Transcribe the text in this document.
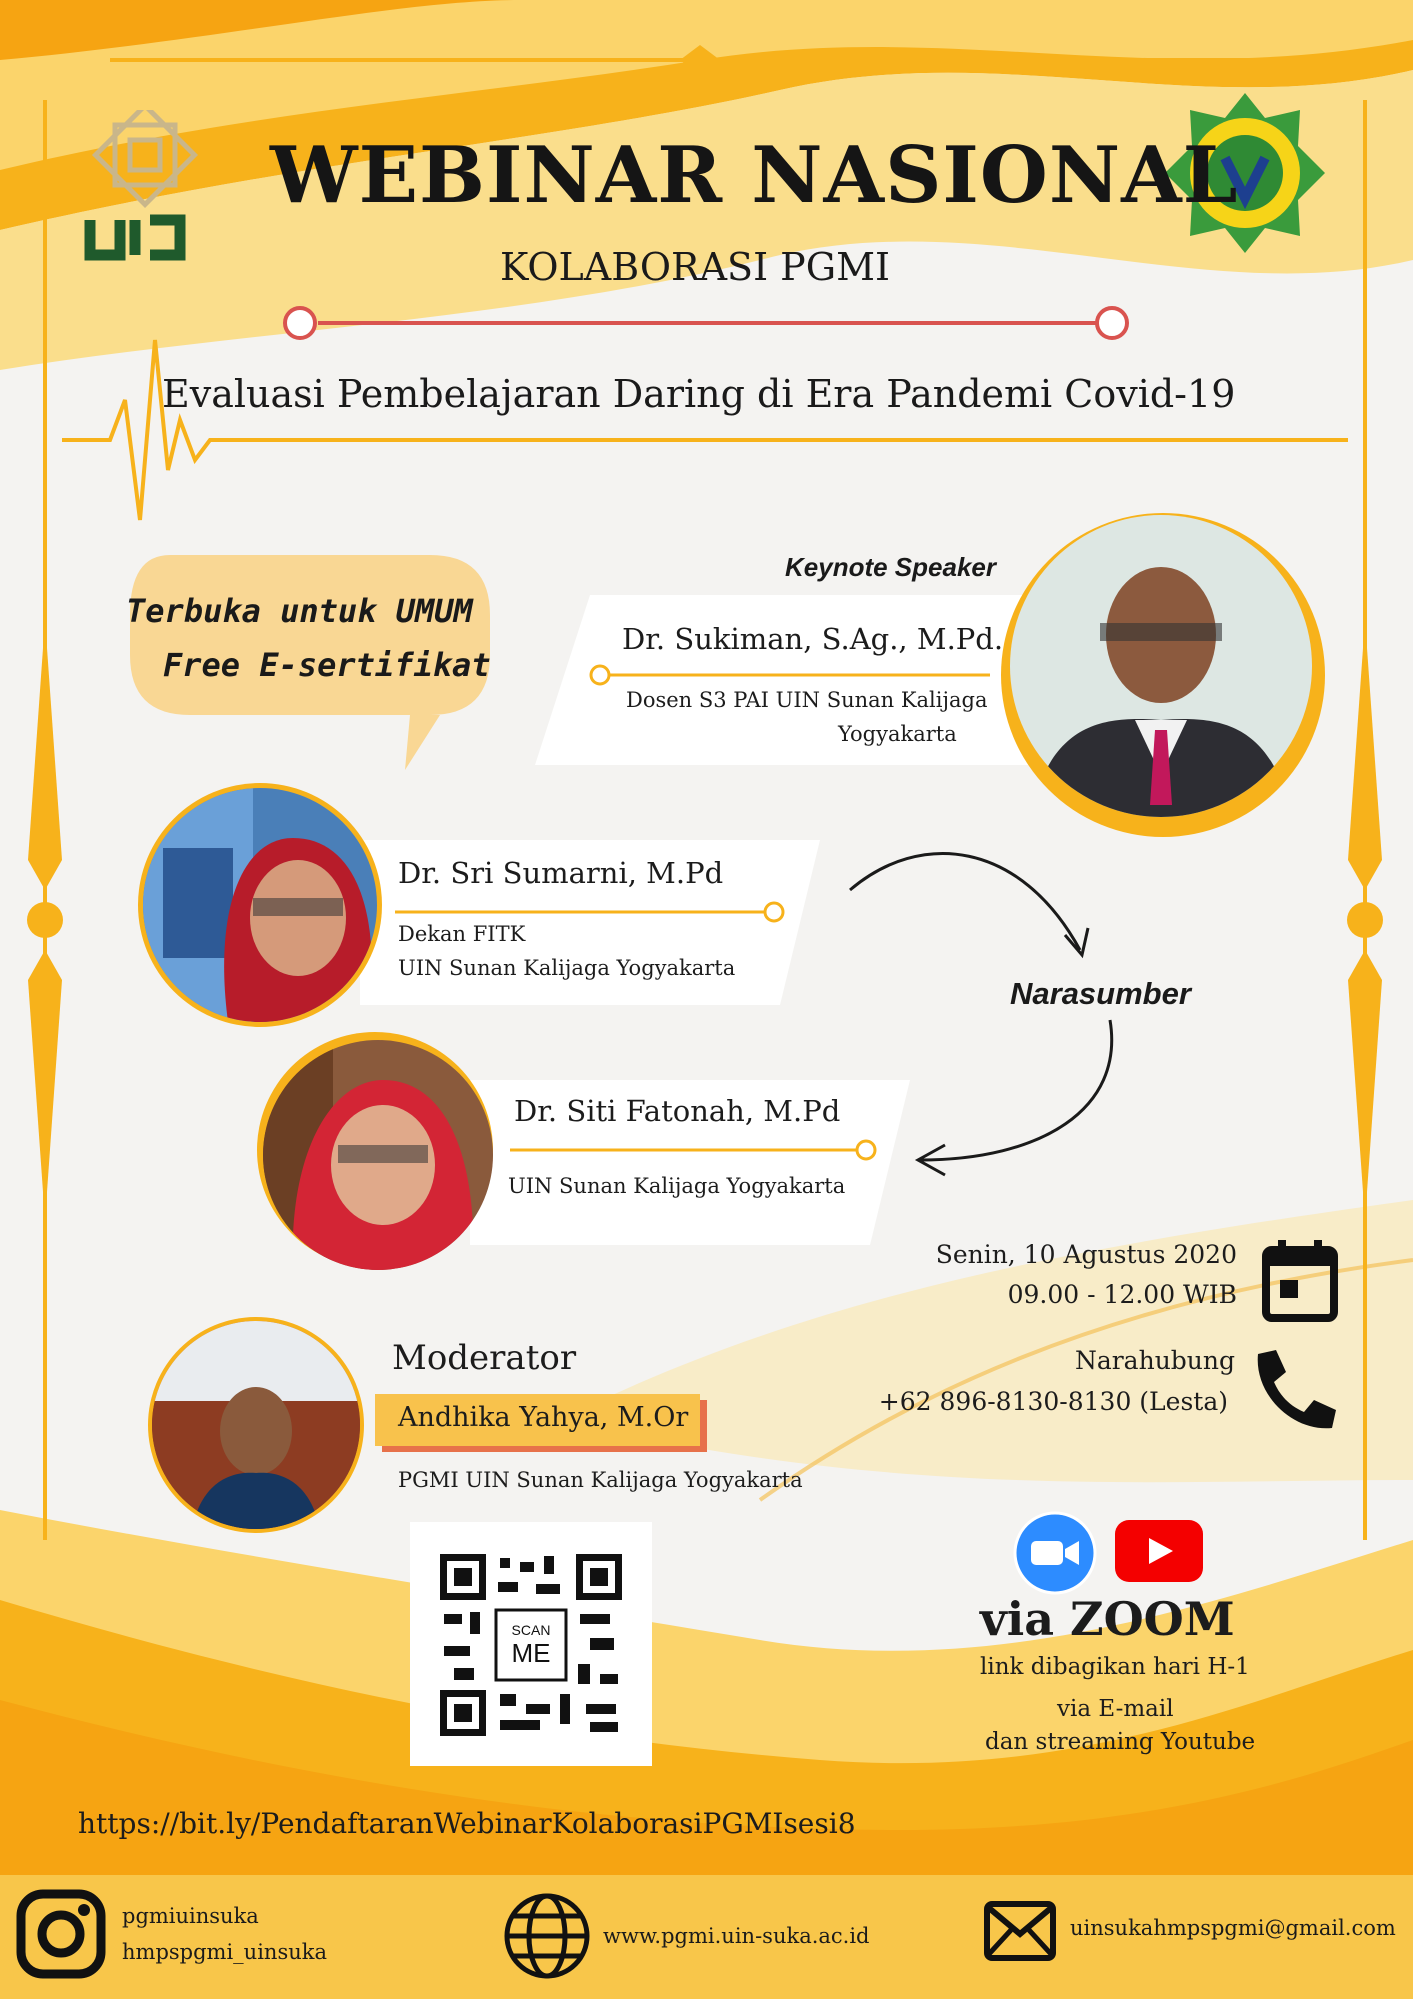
WEBINAR NASIONAL
KOLABORASI PGMI
Evaluasi Pembelajaran Daring di Era Pandemi Covid-19
Terbuka untuk UMUM
Free E-sertifikat
Keynote Speaker
Dr. Sukiman, S.Ag., M.Pd.
Dosen S3 PAI UIN Sunan Kalijaga
Yogyakarta
Dr. Sri Sumarni, M.Pd
Dekan FITK
UIN Sunan Kalijaga Yogyakarta
Dr. Siti Fatonah, M.Pd
UIN Sunan Kalijaga Yogyakarta
Narasumber
Moderator
Andhika Yahya, M.Or
PGMI UIN Sunan Kalijaga Yogyakarta
Senin, 10 Agustus 2020
09.00 - 12.00 WIB
Narahubung
+62 896-8130-8130 (Lesta)
SCAN
ME
via ZOOM
link dibagikan hari H-1
via E-mail
dan streaming Youtube
https://bit.ly/PendaftaranWebinarKolaborasiPGMIsesi8
pgmiuinsuka
hmpspgmi_uinsuka
www.pgmi.uin-suka.ac.id	uinsukahmpspgmi@gmail.com
